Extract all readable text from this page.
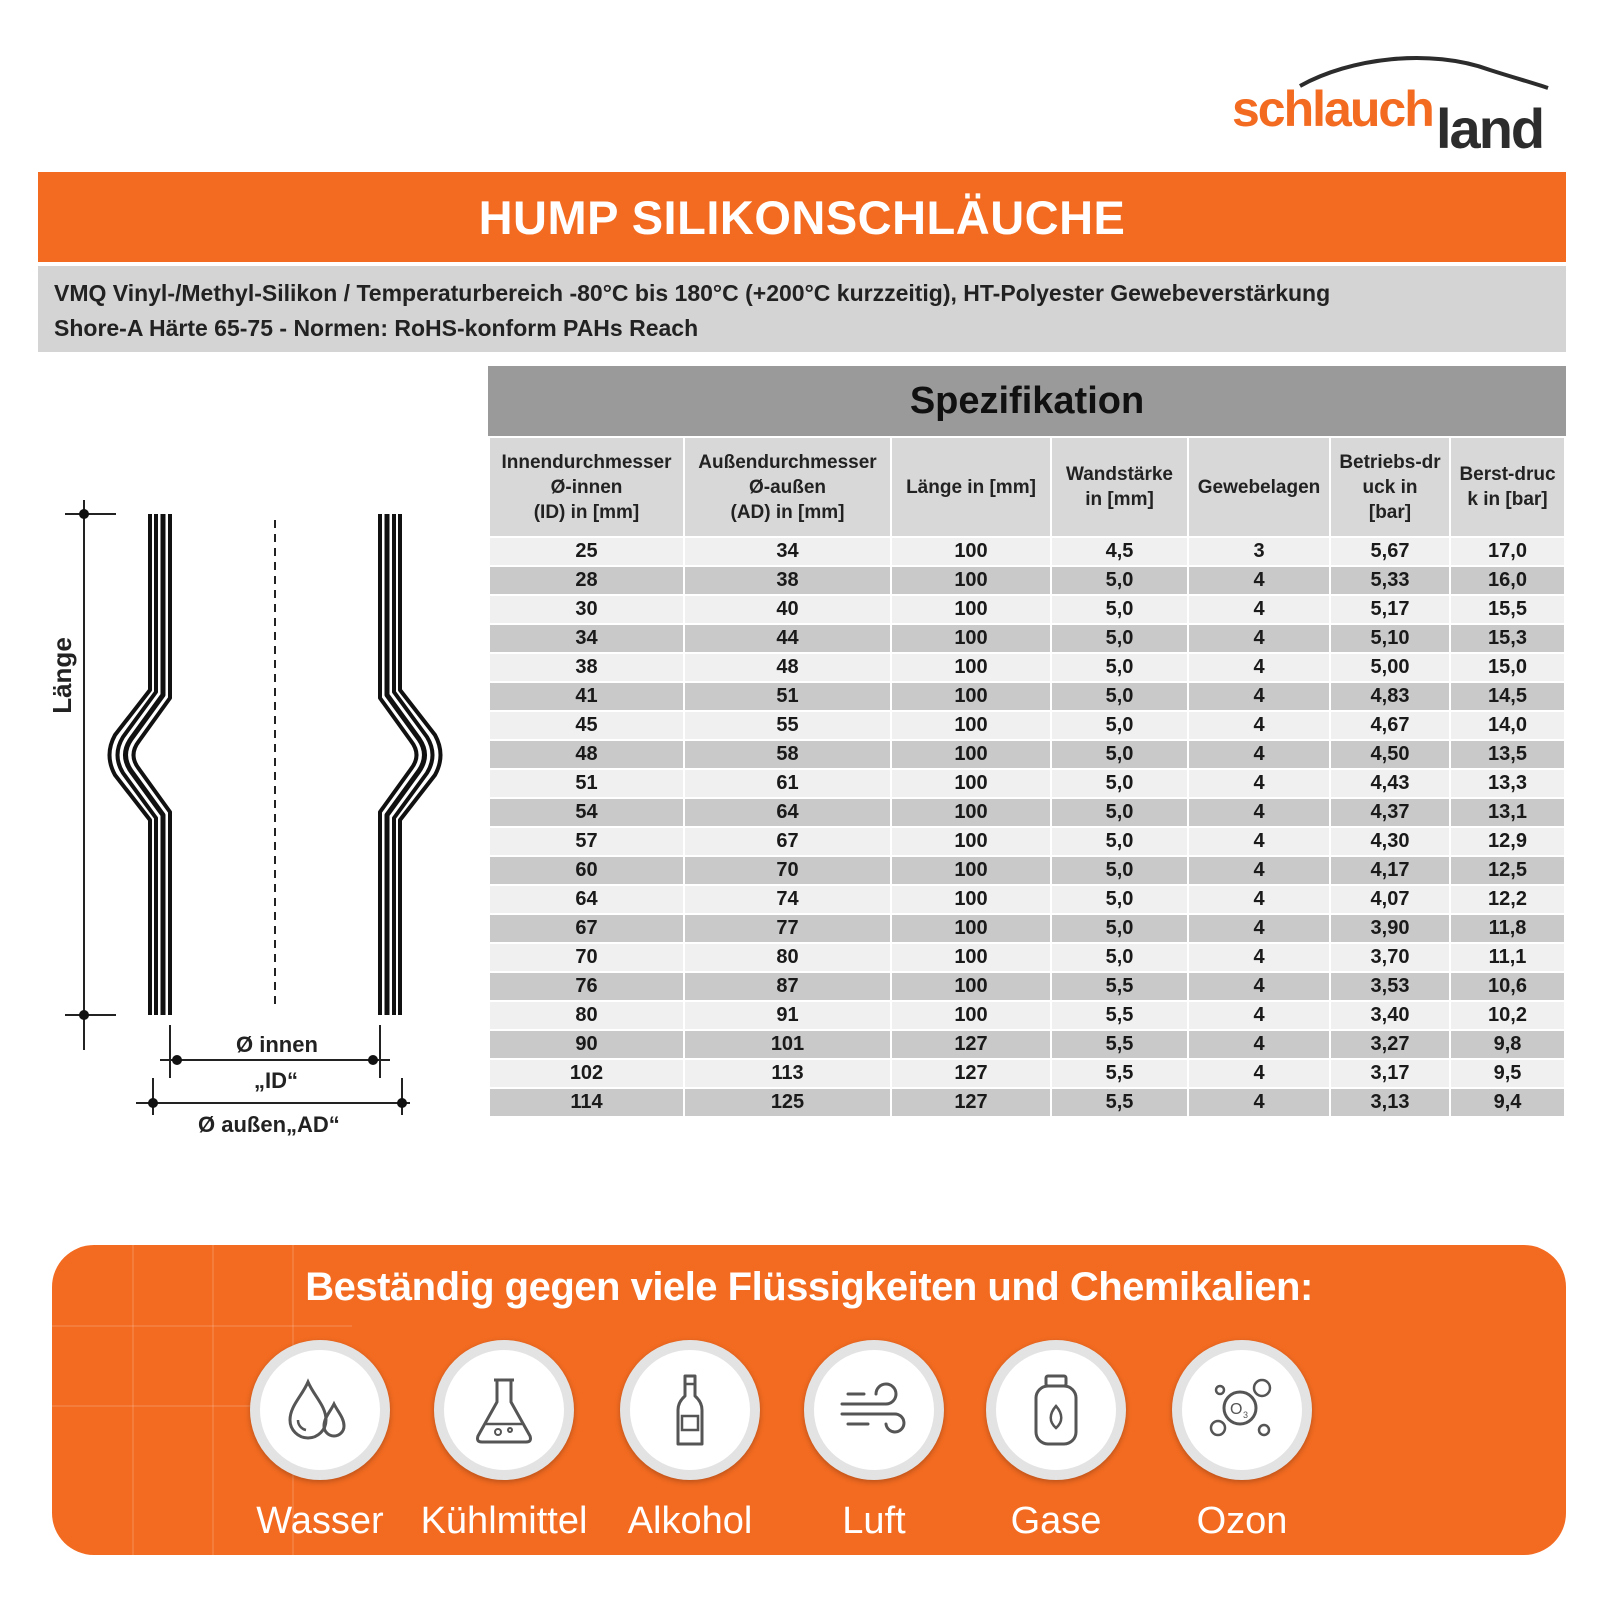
schlauch land
HUMP SILIKONSCHLÄUCHE
VMQ Vinyl-/Methyl-Silikon / Temperaturbereich -80°C bis 180°C (+200°C kurzzeitig), HT-Polyester Gewebeverstärkung
Shore-A Härte 65-75 - Normen: RoHS-konform PAHs Reach
Spezifikation
Innendurchmesser
Ø-innen
(ID) in [mm]	Außendurchmesser
Ø-außen
(AD) in [mm]	Länge in [mm]	Wandstärke
in [mm]	Gewebelagen	Betriebs-dr
uck in
[bar]	Berst-druc
k in [bar]
25	34	100	4,5	3	5,67	17,0
28	38	100	5,0	4	5,33	16,0
30	40	100	5,0	4	5,17	15,5
34	44	100	5,0	4	5,10	15,3
38	48	100	5,0	4	5,00	15,0
41	51	100	5,0	4	4,83	14,5
45	55	100	5,0	4	4,67	14,0
48	58	100	5,0	4	4,50	13,5
51	61	100	5,0	4	4,43	13,3
54	64	100	5,0	4	4,37	13,1
57	67	100	5,0	4	4,30	12,9
60	70	100	5,0	4	4,17	12,5
64	74	100	5,0	4	4,07	12,2
67	77	100	5,0	4	3,90	11,8
70	80	100	5,0	4	3,70	11,1
76	87	100	5,5	4	3,53	10,6
80	91	100	5,5	4	3,40	10,2
90	101	127	5,5	4	3,27	9,8
102	113	127	5,5	4	3,17	9,5
114	125	127	5,5	4	3,13	9,4
Länge
Ø innen
„ID“
Ø außen„AD“
Beständig gegen viele Flüssigkeiten und Chemikalien:
Wasser Kühlmittel	Alkohol	Luft	Gase
O 3
Ozon
